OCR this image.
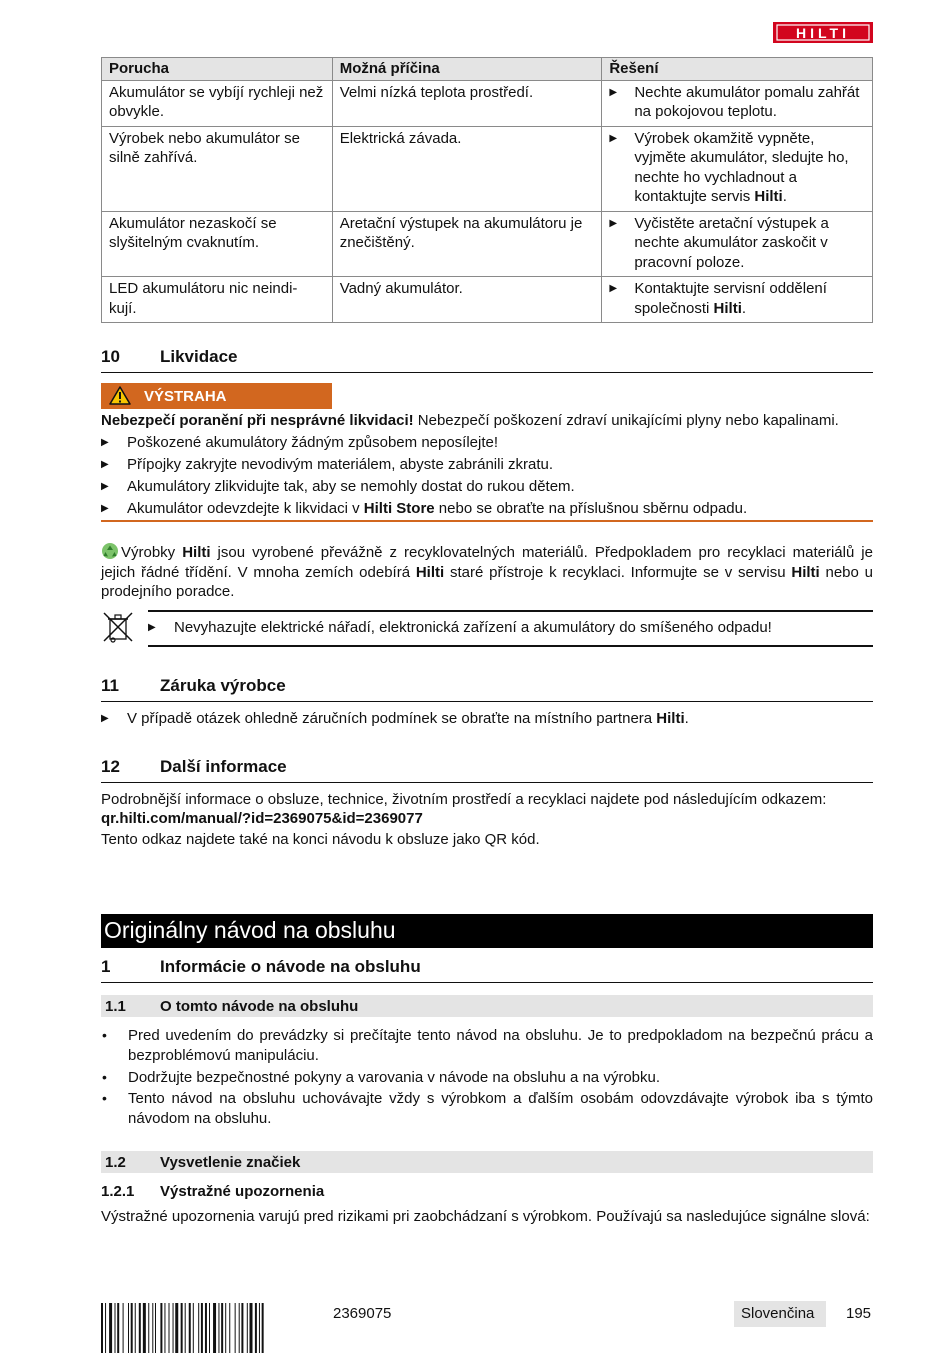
HILTI
Porucha	Možná příčina	Řešení
Akumulátor se vybíjí rychleji než obvykle.	Velmi nízká teplota prostředí.	▶ Nechte akumulátor pomalu zahřát na pokojovou teplotu.

Výrobek nebo akumulátor se silně zahřívá.	Elektrická závada.	▶ Výrobek okamžitě vypněte, vyjměte akumulátor, sledujte ho, nechte ho vychladnout a kontaktujte servis Hilti.

Akumulátor nezaskočí se slyšitelným cvaknutím.	Aretační výstupek na akumulátoru je znečištěný.	▶ Vyčistěte aretační výstupek a nechte akumulátor zaskočit v pracovní poloze.

LED akumulátoru nic neindi-kují.	Vadný akumulátor.	▶ Kontaktujte servisní oddělení společnosti Hilti.
10 Likvidace
VÝSTRAHA
Nebezpečí poranění při nesprávné likvidaci! Nebezpečí poškození zdraví unikajícími plyny nebo kapalinami.
▶	Poškozené akumulátory žádným způsobem neposílejte!
▶	Přípojky zakryjte nevodivým materiálem, abyste zabránili zkratu.
▶	Akumulátory zlikvidujte tak, aby se nemohly dostat do rukou dětem.
▶	Akumulátor odevzdejte k likvidaci v Hilti Store nebo se obraťte na příslušnou sběrnu odpadu.
Výrobky Hilti jsou vyrobené převážně z recyklovatelných materiálů. Předpokladem pro recyklaci materiálů je jejich řádné třídění. V mnoha zemích odebírá Hilti staré přístroje k recyklaci. Informujte se v servisu Hilti nebo u prodejního poradce.
▶	Nevyhazujte elektrické nářadí, elektronická zařízení a akumulátory do smíšeného odpadu!
11 Záruka výrobce
▶	V případě otázek ohledně záručních podmínek se obraťte na místního partnera Hilti.
12 Další informace
Podrobnější informace o obsluze, technice, životním prostředí a recyklaci najdete pod následujícím odkazem:
qr.hilti.com/manual/?id=2369075&id=2369077
Tento odkaz najdete také na konci návodu k obsluze jako QR kód.
Originálny návod na obsluhu
1	Informácie o návode na obsluhu
1.1 O tomto návode na obsluhu
•	Pred uvedením do prevádzky si prečítajte tento návod na obsluhu. Je to predpokladom na bezpečnú prácu a bezproblémovú manipuláciu.
•	Dodržujte bezpečnostné pokyny a varovania v návode na obsluhu a na výrobku.
•	Tento návod na obsluhu uchovávajte vždy s výrobkom a ďalším osobám odovzdávajte výrobok iba s týmto návodom na obsluhu.
1.2 Vysvetlenie značiek
1.2.1 Výstražné upozornenia
Výstražné upozornenia varujú pred rizikami pri zaobchádzaní s výrobkom. Používajú sa nasledujúce signálne slová:
2369075	Slovenčina 195
